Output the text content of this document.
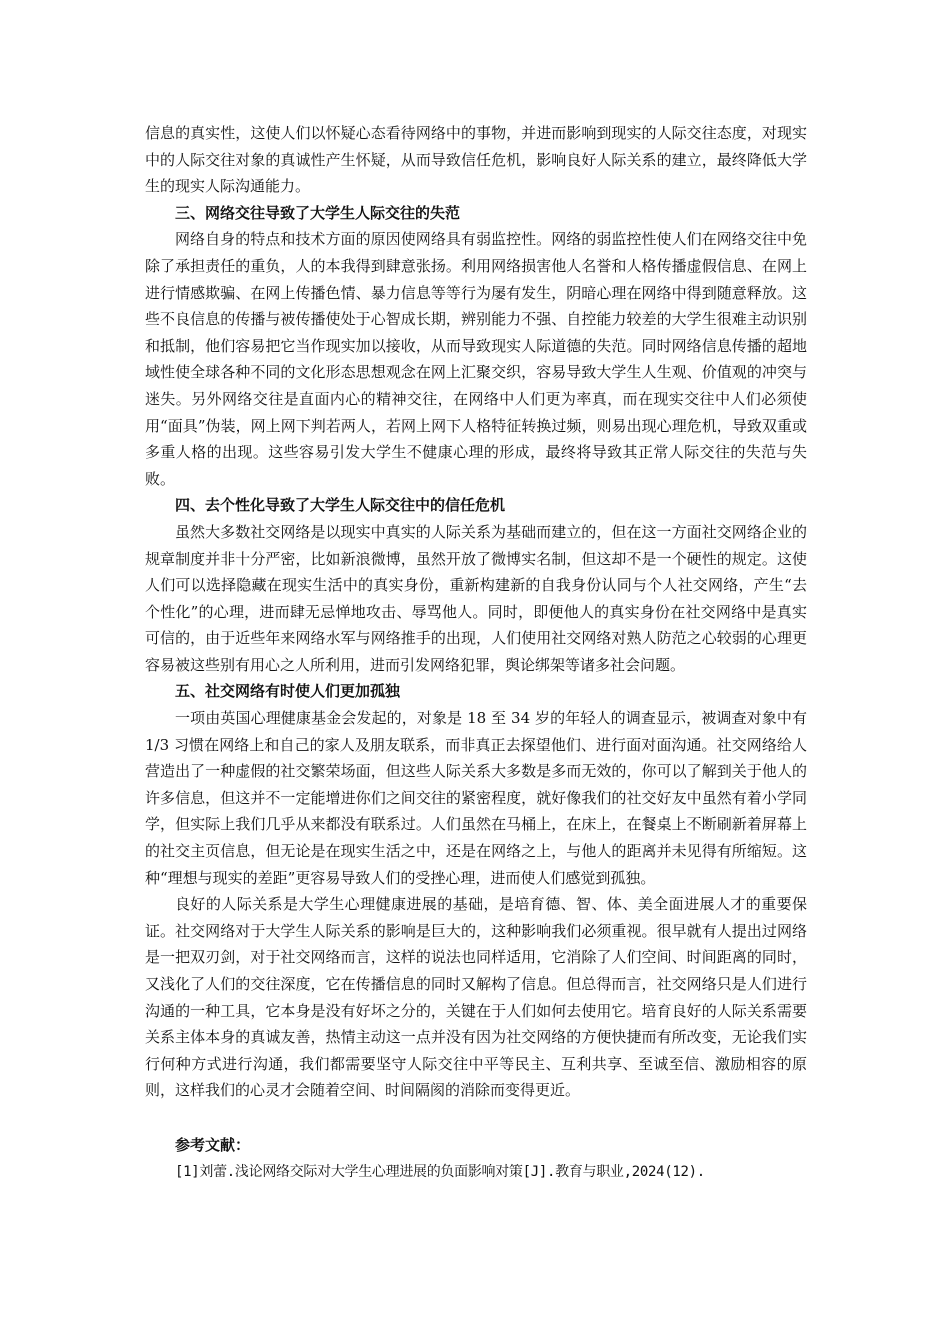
信息的真实性，这使人们以怀疑心态看待网络中的事物，并进而影响到现实的人际交往态度，对现实中的人际交往对象的真诚性产生怀疑，从而导致信任危机，影响良好人际关系的建立，最终降低大学生的现实人际沟通能力。

三、网络交往导致了大学生人际交往的失范

网络自身的特点和技术方面的原因使网络具有弱监控性。网络的弱监控性使人们在网络交往中免除了承担责任的重负，人的本我得到肆意张扬。利用网络损害他人名誉和人格传播虚假信息、在网上进行情感欺骗、在网上传播色情、暴力信息等等行为屡有发生，阴暗心理在网络中得到随意释放。这些不良信息的传播与被传播使处于心智成长期，辨别能力不强、自控能力较差的大学生很难主动识别和抵制，他们容易把它当作现实加以接收，从而导致现实人际道德的失范。同时网络信息传播的超地域性使全球各种不同的文化形态思想观念在网上汇聚交织，容易导致大学生人生观、价值观的冲突与迷失。另外网络交往是直面内心的精神交往，在网络中人们更为率真，而在现实交往中人们必须使用“面具”伪装，网上网下判若两人，若网上网下人格特征转换过频，则易出现心理危机，导致双重或多重人格的出现。这些容易引发大学生不健康心理的形成，最终将导致其正常人际交往的失范与失败。

四、去个性化导致了大学生人际交往中的信任危机

虽然大多数社交网络是以现实中真实的人际关系为基础而建立的，但在这一方面社交网络企业的规章制度并非十分严密，比如新浪微博，虽然开放了微博实名制，但这却不是一个硬性的规定。这使人们可以选择隐藏在现实生活中的真实身份，重新构建新的自我身份认同与个人社交网络，产生“去个性化”的心理，进而肆无忌惮地攻击、辱骂他人。同时，即便他人的真实身份在社交网络中是真实可信的，由于近些年来网络水军与网络推手的出现，人们使用社交网络对熟人防范之心较弱的心理更容易被这些别有用心之人所利用，进而引发网络犯罪，舆论绑架等诸多社会问题。

五、社交网络有时使人们更加孤独

一项由英国心理健康基金会发起的，对象是 18 至 34 岁的年轻人的调查显示，被调查对象中有 1/3 习惯在网络上和自己的家人及朋友联系，而非真正去探望他们、进行面对面沟通。社交网络给人营造出了一种虚假的社交繁荣场面，但这些人际关系大多数是多而无效的，你可以了解到关于他人的许多信息，但这并不一定能增进你们之间交往的紧密程度，就好像我们的社交好友中虽然有着小学同学，但实际上我们几乎从来都没有联系过。人们虽然在马桶上，在床上，在餐桌上不断刷新着屏幕上的社交主页信息，但无论是在现实生活之中，还是在网络之上，与他人的距离并未见得有所缩短。这种“理想与现实的差距”更容易导致人们的受挫心理，进而使人们感觉到孤独。

良好的人际关系是大学生心理健康进展的基础，是培育德、智、体、美全面进展人才的重要保证。社交网络对于大学生人际关系的影响是巨大的，这种影响我们必须重视。很早就有人提出过网络是一把双刃剑，对于社交网络而言，这样的说法也同样适用，它消除了人们空间、时间距离的同时，又浅化了人们的交往深度，它在传播信息的同时又解构了信息。但总得而言，社交网络只是人们进行沟通的一种工具，它本身是没有好坏之分的，关键在于人们如何去使用它。培育良好的人际关系需要关系主体本身的真诚友善，热情主动这一点并没有因为社交网络的方便快捷而有所改变，无论我们实行何种方式进行沟通，我们都需要坚守人际交往中平等民主、互利共享、至诚至信、激励相容的原则，这样我们的心灵才会随着空间、时间隔阂的消除而变得更近。

参考文献：

[1]刘蕾.浅论网络交际对大学生心理进展的负面影响对策[J].教育与职业,2024(12).
